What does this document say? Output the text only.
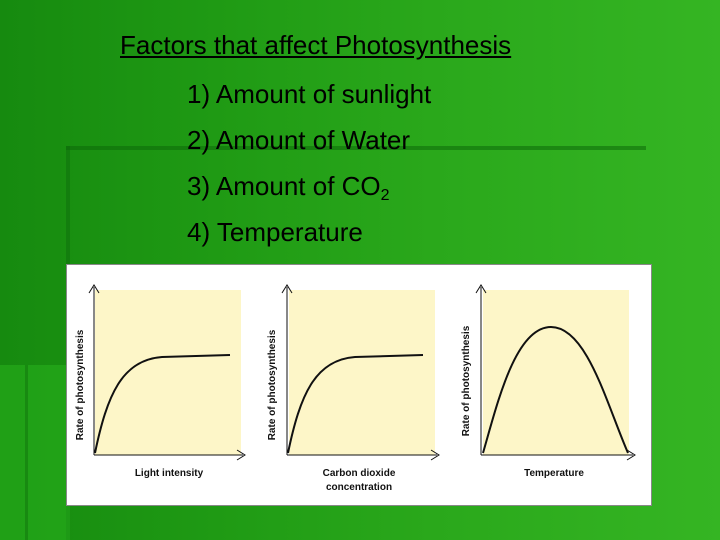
Factors that affect Photosynthesis
1) Amount of sunlight
2) Amount of Water
3) Amount of $CO_2$
4) Temperature
Rate of photosynthesis
Light intensity
Rate of photosynthesis
Carbon dioxide
concentration
Rate of photosynthesis
Temperature
